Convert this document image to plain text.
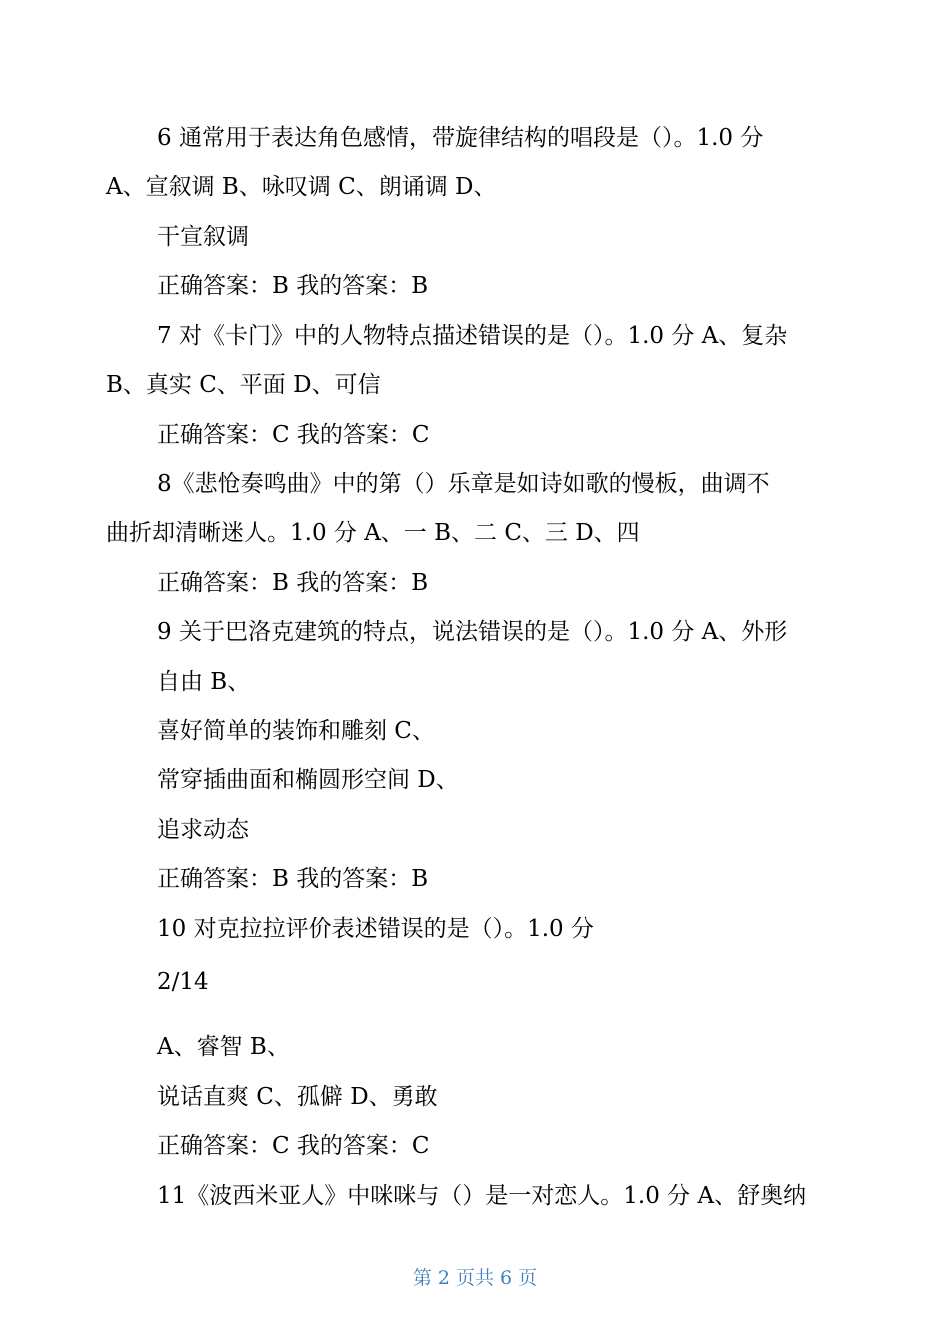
6 通常用于表达角色感情，带旋律结构的唱段是（）。1.0 分
A、宣叙调 B、咏叹调 C、朗诵调 D、
干宣叙调
正确答案：B 我的答案：B
7 对《卡门》中的人物特点描述错误的是（）。1.0 分 A、复杂
B、真实 C、平面 D、可信
正确答案：C 我的答案：C
8《悲怆奏鸣曲》中的第（）乐章是如诗如歌的慢板，曲调不
曲折却清晰迷人。1.0 分 A、一 B、二 C、三 D、四
正确答案：B 我的答案：B
9 关于巴洛克建筑的特点，说法错误的是（）。1.0 分 A、外形
自由 B、
喜好简单的装饰和雕刻 C、
常穿插曲面和椭圆形空间 D、
追求动态
正确答案：B 我的答案：B
10 对克拉拉评价表述错误的是（）。1.0 分
2/14
A、睿智 B、
说话直爽 C、孤僻 D、勇敢
正确答案：C 我的答案：C
11《波西米亚人》中咪咪与（）是一对恋人。1.0 分 A、舒奥纳
第 2 页共 6 页
